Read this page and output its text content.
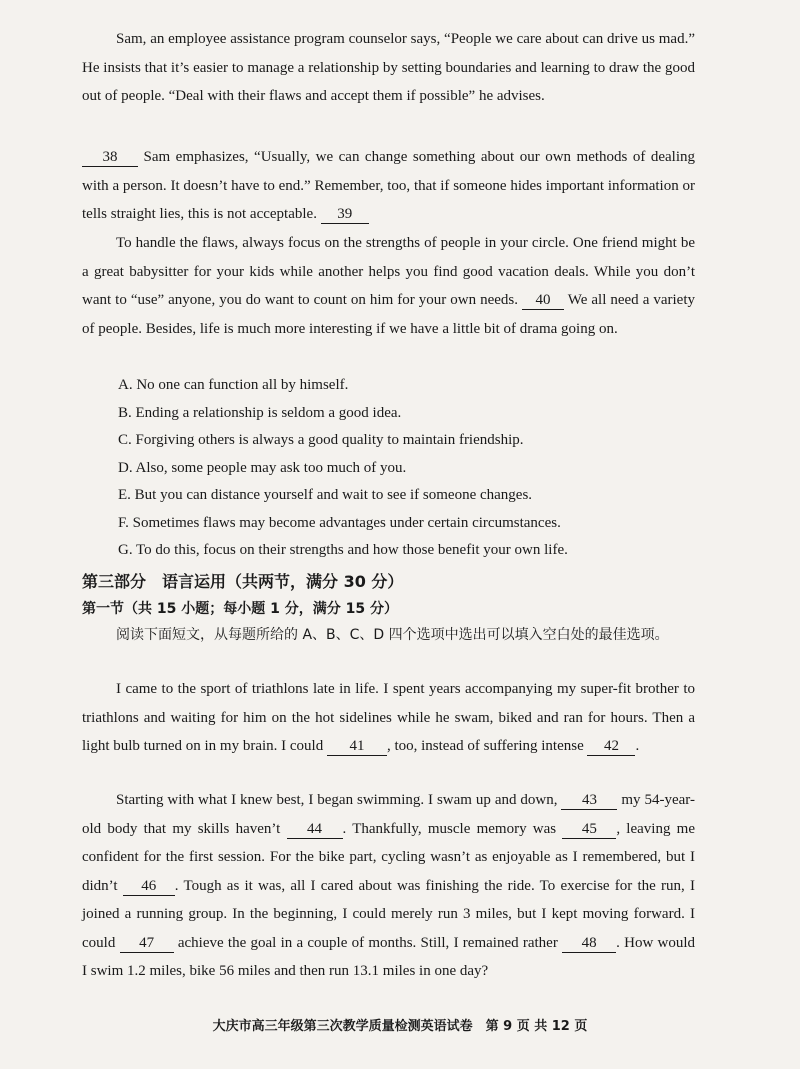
Sam, an employee assistance program counselor says, “People we care about can drive us mad.” He insists that it’s easier to manage a relationship by setting boundaries and learning to draw the good out of people. “Deal with their flaws and accept them if possible” he advises.

38 Sam emphasizes, “Usually, we can change something about our own methods of dealing with a person. It doesn’t have to end.” Remember, too, that if someone hides important information or tells straight lies, this is not acceptable. 39

To handle the flaws, always focus on the strengths of people in your circle. One friend might be a great babysitter for your kids while another helps you find good vacation deals. While you don’t want to “use” anyone, you do want to count on him for your own needs. 40 We all need a variety of people. Besides, life is much more interesting if we have a little bit of drama going on.

A. No one can function all by himself.

B. Ending a relationship is seldom a good idea.

C. Forgiving others is always a good quality to maintain friendship.

D. Also, some people may ask too much of you.

E. But you can distance yourself and wait to see if someone changes.

F. Sometimes flaws may become advantages under certain circumstances.

G. To do this, focus on their strengths and how those benefit your own life.

第三部分　语言运用（共两节，满分 30 分）

第一节（共 15 小题；每小题 1 分，满分 15 分）

阅读下面短文，从每题所给的 A、B、C、D 四个选项中选出可以填入空白处的最佳选项。

I came to the sport of triathlons late in life. I spent years accompanying my super-fit brother to triathlons and waiting for him on the hot sidelines while he swam, biked and ran for hours. Then a light bulb turned on in my brain. I could 41 , too, instead of suffering intense 42 .

Starting with what I knew best, I began swimming. I swam up and down, 43 my 54-year-old body that my skills haven’t 44 . Thankfully, muscle memory was 45 , leaving me confident for the first session. For the bike part, cycling wasn’t as enjoyable as I remembered, but I didn’t 46 . Tough as it was, all I cared about was finishing the ride. To exercise for the run, I joined a running group. In the beginning, I could merely run 3 miles, but I kept moving forward. I could 47 achieve the goal in a couple of months. Still, I remained rather 48 . How would I swim 1.2 miles, bike 56 miles and then run 13.1 miles in one day?

大庆市高三年级第三次教学质量检测英语试卷　第 9 页 共 12 页
